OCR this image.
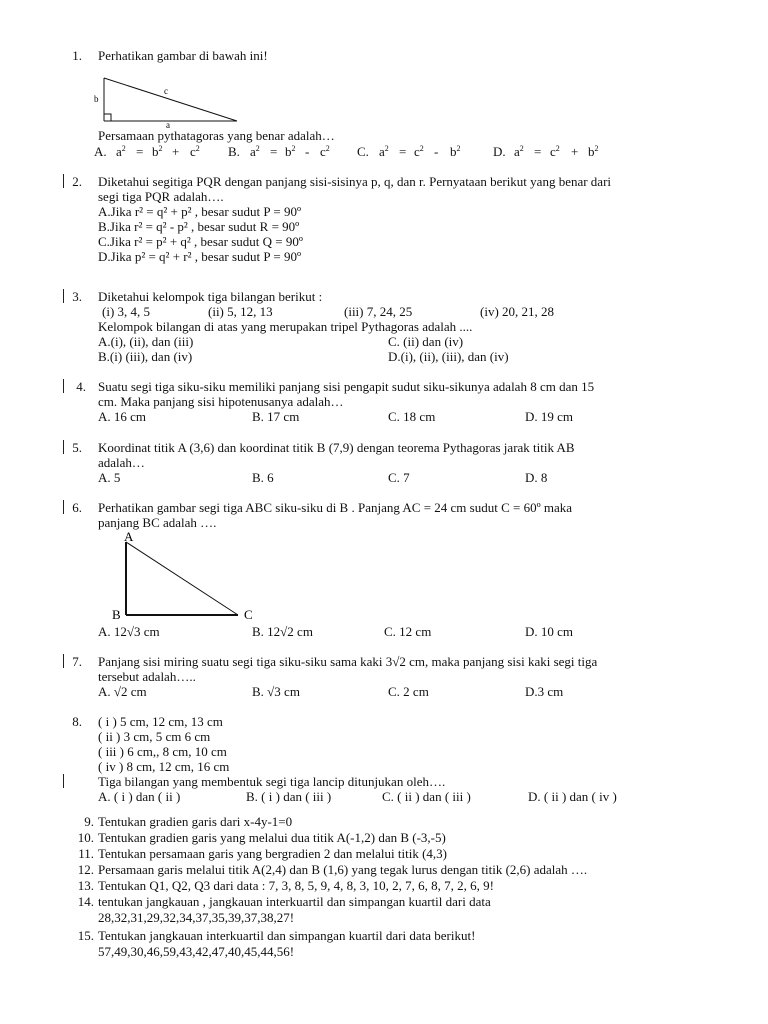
1. Perhatikan gambar di bawah ini!
b
c
a
Persamaan pythatagoras yang benar adalah…
A. $a^2 = b^2 + c^2$ B. $a^2 = b^2 - c^2$ C. $a^2 = c^2 - b^2$	D. $a^2 = c^2 + b^2$
2. Diketahui segitiga PQR dengan panjang sisi-sisinya p, q, dan r. Pernyataan berikut yang benar dari
segi tiga PQR adalah….
A.Jika r² = q² + p² , besar sudut P = 90º
B.Jika r² = q² - p² , besar sudut R = 90º
C.Jika r² = p² + q² , besar sudut Q = 90º
D.Jika p² = q² + r² , besar sudut P = 90º
3. Diketahui kelompok tiga bilangan berikut :
(i) 3, 4, 5	(ii) 5, 12, 13	(iii) 7, 24, 25	(iv) 20, 21, 28
Kelompok bilangan di atas yang merupakan tripel Pythagoras adalah ....
A.(i), (ii), dan (iii)	C. (ii) dan (iv)
B.(i) (iii), dan (iv)	D.(i), (ii), (iii), dan (iv)
4. Suatu segi tiga siku-siku memiliki panjang sisi pengapit sudut siku-sikunya adalah 8 cm dan 15
cm. Maka panjang sisi hipotenusanya adalah…
A. 16 cm	B. 17 cm	C. 18 cm	D. 19 cm
5. Koordinat titik A (3,6) dan koordinat titik B (7,9) dengan teorema Pythagoras jarak titik AB
adalah…
A. 5	B. 6	C. 7	D. 8
6. Perhatikan gambar segi tiga ABC siku-siku di B . Panjang AC = 24 cm sudut C = 60º maka
panjang BC adalah ….
A
B	C
A. 12√3 cm	B. 12√2 cm	C. 12 cm	D. 10 cm
7. Panjang sisi miring suatu segi tiga siku-siku sama kaki 3√2 cm, maka panjang sisi kaki segi tiga
tersebut adalah…..
A. √2 cm	B. √3 cm	C. 2 cm	D.3 cm
8. ( i ) 5 cm, 12 cm, 13 cm
( ii ) 3 cm, 5 cm 6 cm
( iii ) 6 cm,, 8 cm, 10 cm
( iv ) 8 cm, 12 cm, 16 cm
Tiga bilangan yang membentuk segi tiga lancip ditunjukan oleh….
A. ( i ) dan ( ii )	B. ( i ) dan ( iii )	C. ( ii ) dan ( iii )	D. ( ii ) dan ( iv )
9. Tentukan gradien garis dari x-4y-1=0
10. Tentukan gradien garis yang melalui dua titik A(-1,2) dan B (-3,-5)
11. Tentukan persamaan garis yang bergradien 2 dan melalui titik (4,3)
12. Persamaan garis melalui titik A(2,4) dan B (1,6) yang tegak lurus dengan titik (2,6) adalah ….
13. Tentukan Q1, Q2, Q3 dari data : 7, 3, 8, 5, 9, 4, 8, 3, 10, 2, 7, 6, 8, 7, 2, 6, 9!
14. tentukan jangkauan , jangkauan interkuartil dan simpangan kuartil dari data
28,32,31,29,32,34,37,35,39,37,38,27!
15. Tentukan jangkauan interkuartil dan simpangan kuartil dari data berikut!
57,49,30,46,59,43,42,47,40,45,44,56!
